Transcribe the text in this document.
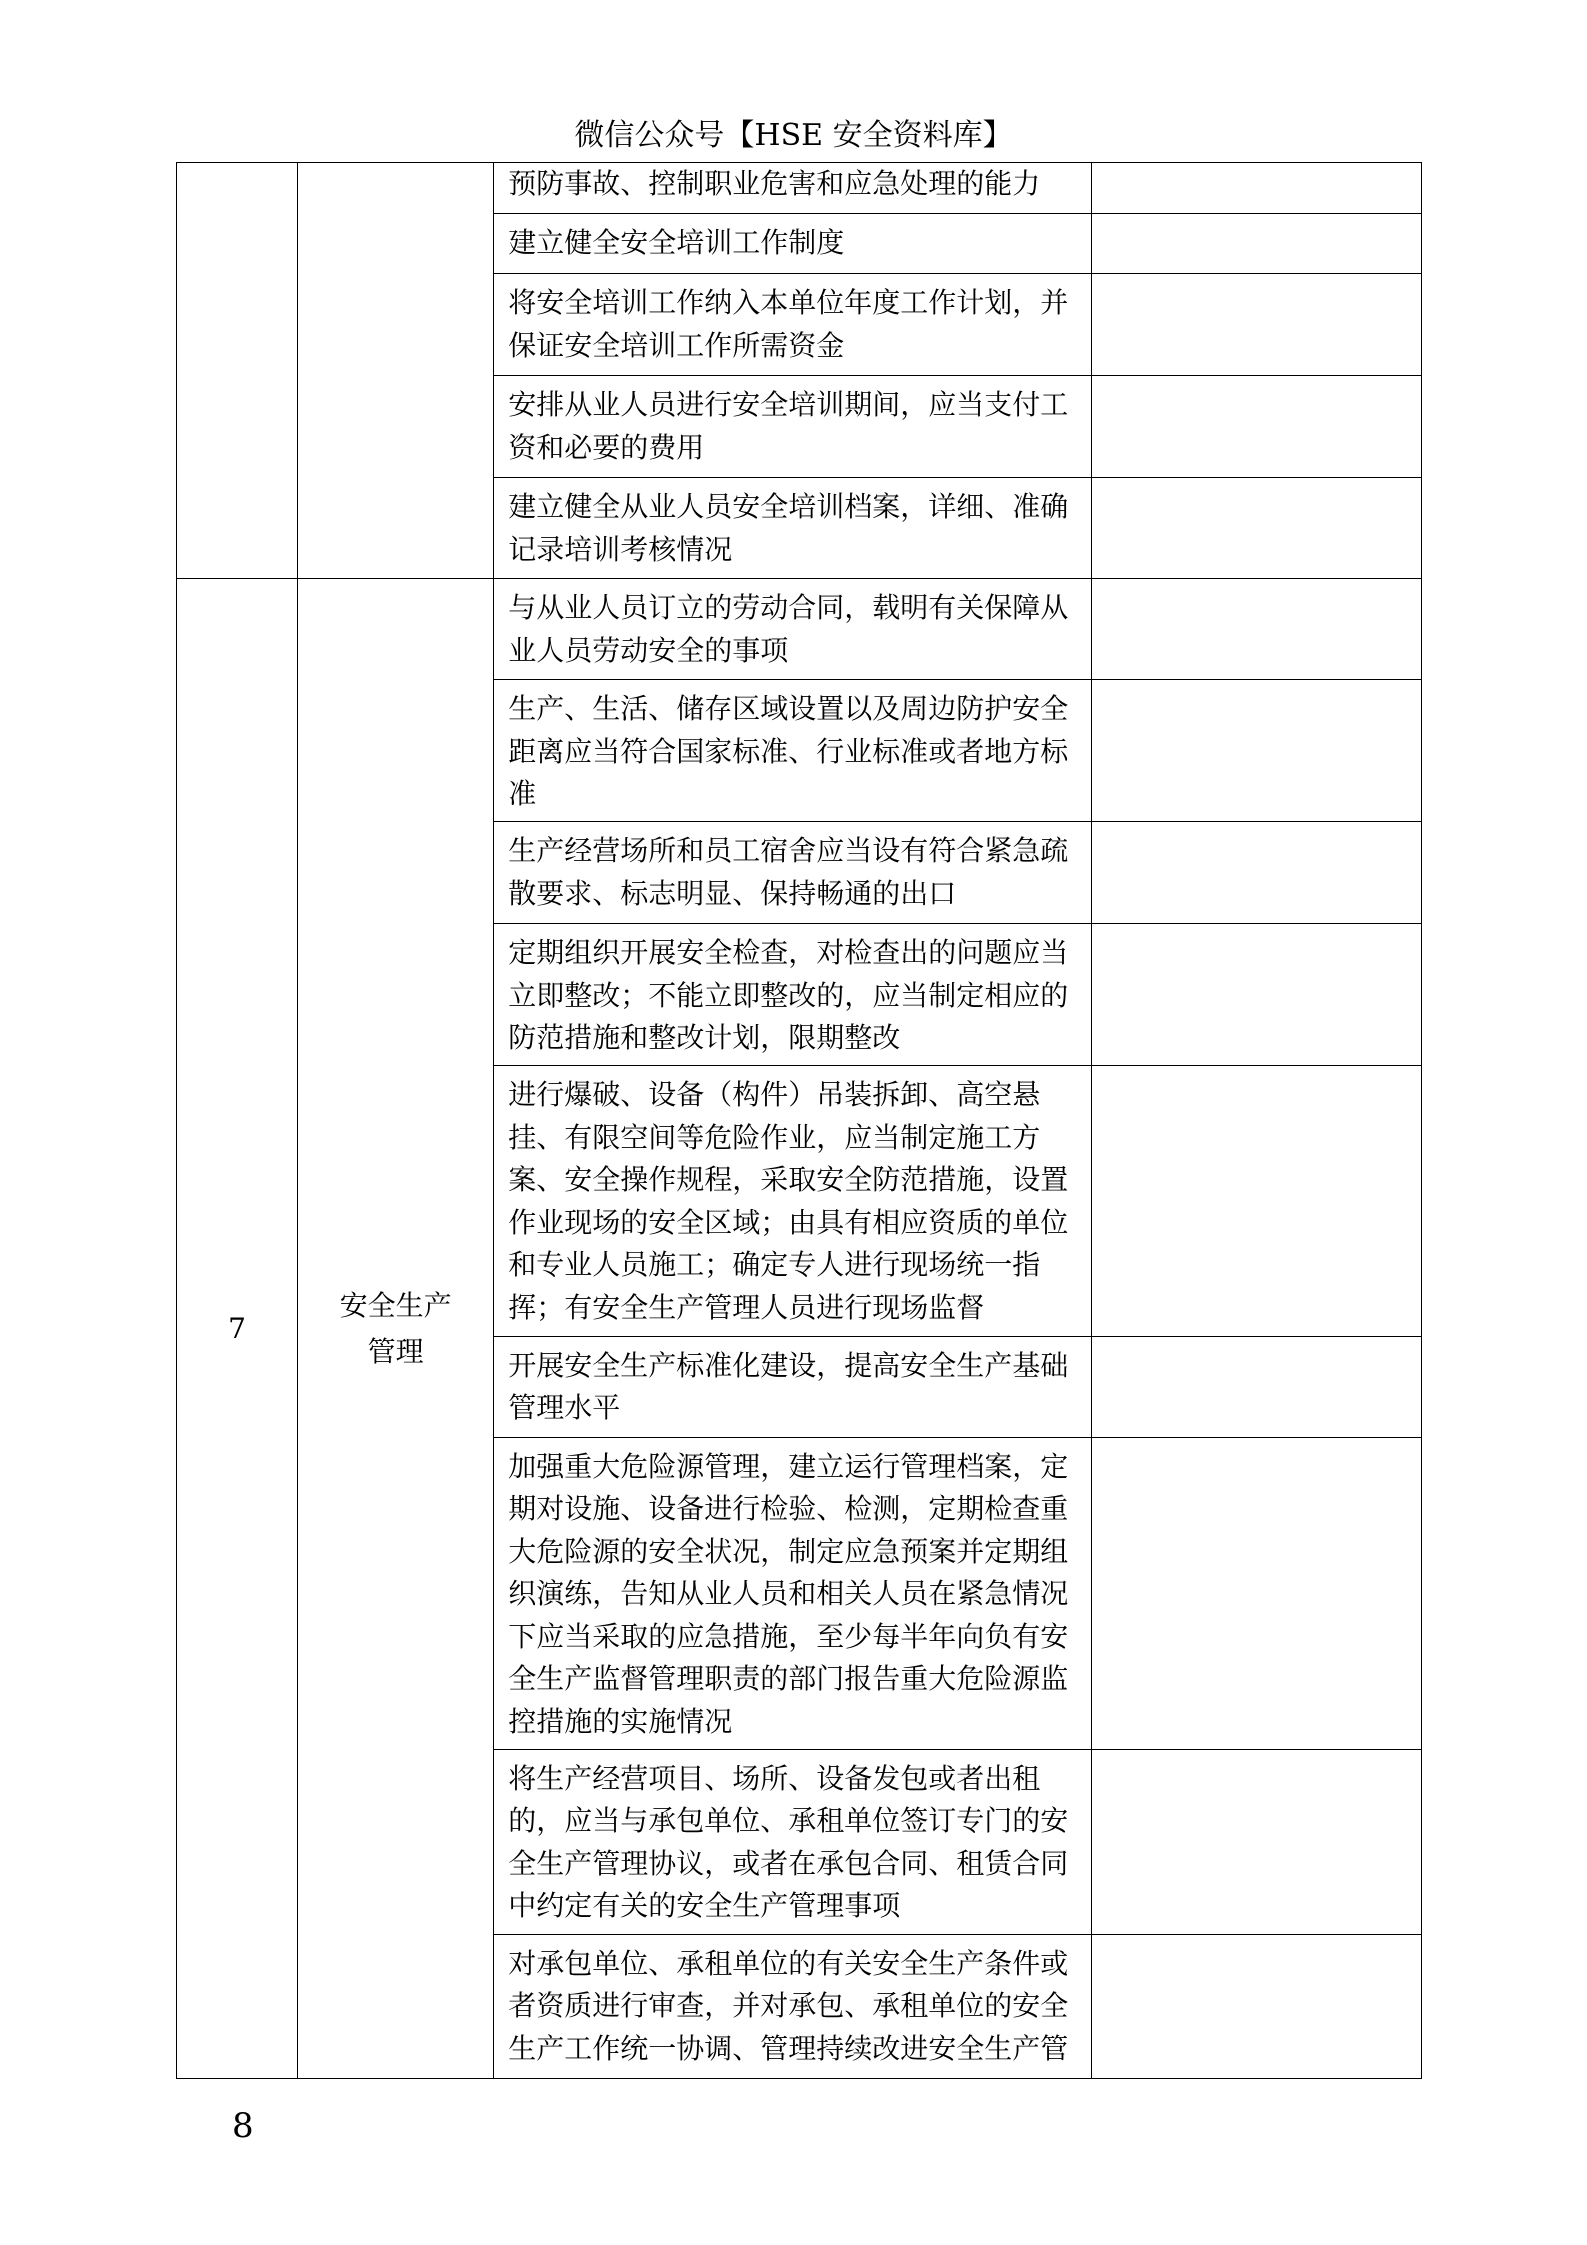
微信公众号【HSE 安全资料库】

		预防事故、控制职业危害和应急处理的能力	

		建立健全安全培训工作制度	

		将安全培训工作纳入本单位年度工作计划，并保证安全培训工作所需资金	

		安排从业人员进行安全培训期间，应当支付工资和必要的费用	

		建立健全从业人员安全培训档案，详细、准确记录培训考核情况	

7	安全生产
管理	与从业人员订立的劳动合同，载明有关保障从业人员劳动安全的事项	

		生产、生活、储存区域设置以及周边防护安全距离应当符合国家标准、行业标准或者地方标准	

		生产经营场所和员工宿舍应当设有符合紧急疏散要求、标志明显、保持畅通的出口	

		定期组织开展安全检查，对检查出的问题应当立即整改；不能立即整改的，应当制定相应的防范措施和整改计划，限期整改	

		进行爆破、设备（构件）吊装拆卸、高空悬挂、有限空间等危险作业，应当制定施工方案、安全操作规程，采取安全防范措施，设置作业现场的安全区域；由具有相应资质的单位和专业人员施工；确定专人进行现场统一指挥；有安全生产管理人员进行现场监督	

		开展安全生产标准化建设，提高安全生产基础管理水平	

		加强重大危险源管理，建立运行管理档案，定期对设施、设备进行检验、检测，定期检查重大危险源的安全状况，制定应急预案并定期组织演练，告知从业人员和相关人员在紧急情况下应当采取的应急措施，至少每半年向负有安全生产监督管理职责的部门报告重大危险源监控措施的实施情况	

		将生产经营项目、场所、设备发包或者出租的，应当与承包单位、承租单位签订专门的安全生产管理协议，或者在承包合同、租赁合同中约定有关的安全生产管理事项	

		对承包单位、承租单位的有关安全生产条件或者资质进行审查，并对承包、承租单位的安全生产工作统一协调、管理持续改进安全生产管	

8
